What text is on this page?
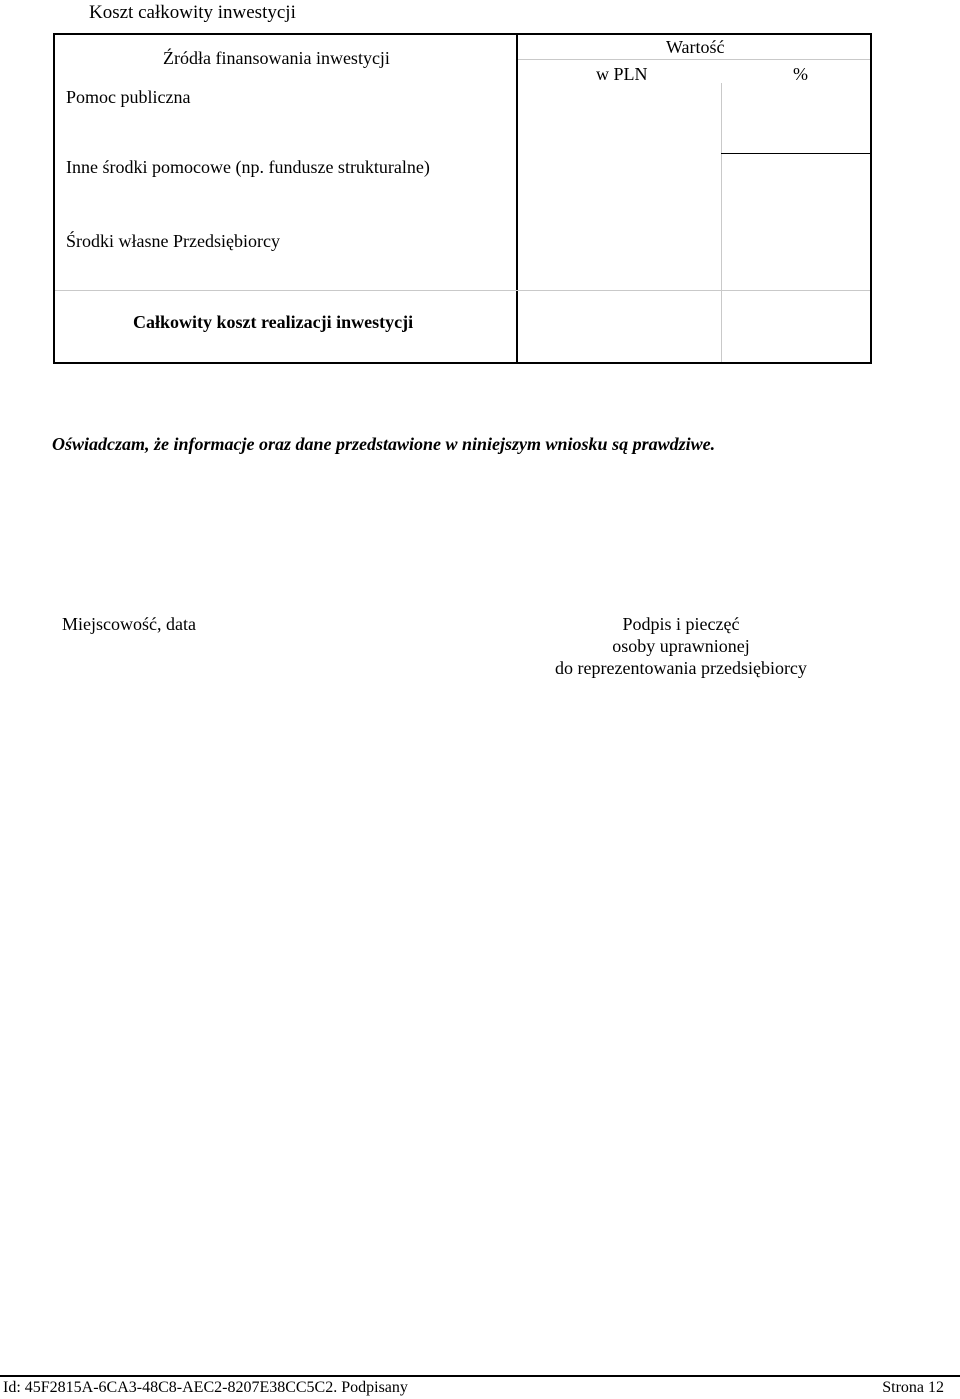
Koszt całkowity inwestycji
Źródła finansowania inwestycji
Wartość
w PLN	%
Pomoc publiczna
Inne środki pomocowe (np. fundusze strukturalne)
Środki własne Przedsiębiorcy
Całkowity koszt realizacji inwestycji
Oświadczam, że informacje oraz dane przedstawione w niniejszym wniosku są prawdziwe.
Miejscowość, data	Podpis i pieczęć
osoby uprawnionej
do reprezentowania przedsiębiorcy
Id: 45F2815A-6CA3-48C8-AEC2-8207E38CC5C2. Podpisany	Strona 12
